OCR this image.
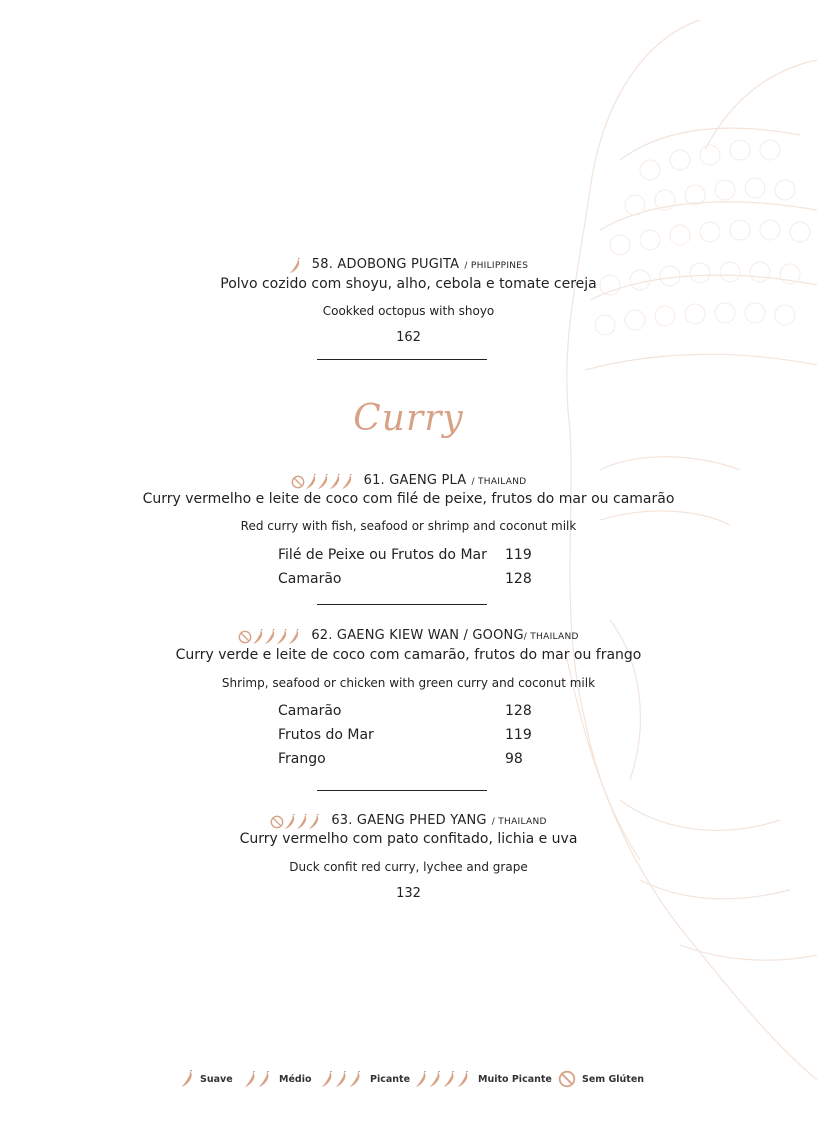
58. ADOBONG PUGITA / PHILIPPINES
Polvo cozido com shoyu, alho, cebola e tomate cereja
Cookked octopus with shoyo
162
Curry
61. GAENG PLA / THAILAND
Curry vermelho e leite de coco com filé de peixe, frutos do mar ou camarão
Red curry with fish, seafood or shrimp and coconut milk
Filé de Peixe ou Frutos do Mar 119
Camarão	128
62. GAENG KIEW WAN / GOONG/ THAILAND
Curry verde e leite de coco com camarão, frutos do mar ou frango
Shrimp, seafood or chicken with green curry and coconut milk
Camarão	128
Frutos do Mar	119
Frango	98
63. GAENG PHED YANG / THAILAND
Curry vermelho com pato confitado, lichia e uva
Duck confit red curry, lychee and grape
132
Suave	Médio	Picante	Muito Picante	Sem Glúten
